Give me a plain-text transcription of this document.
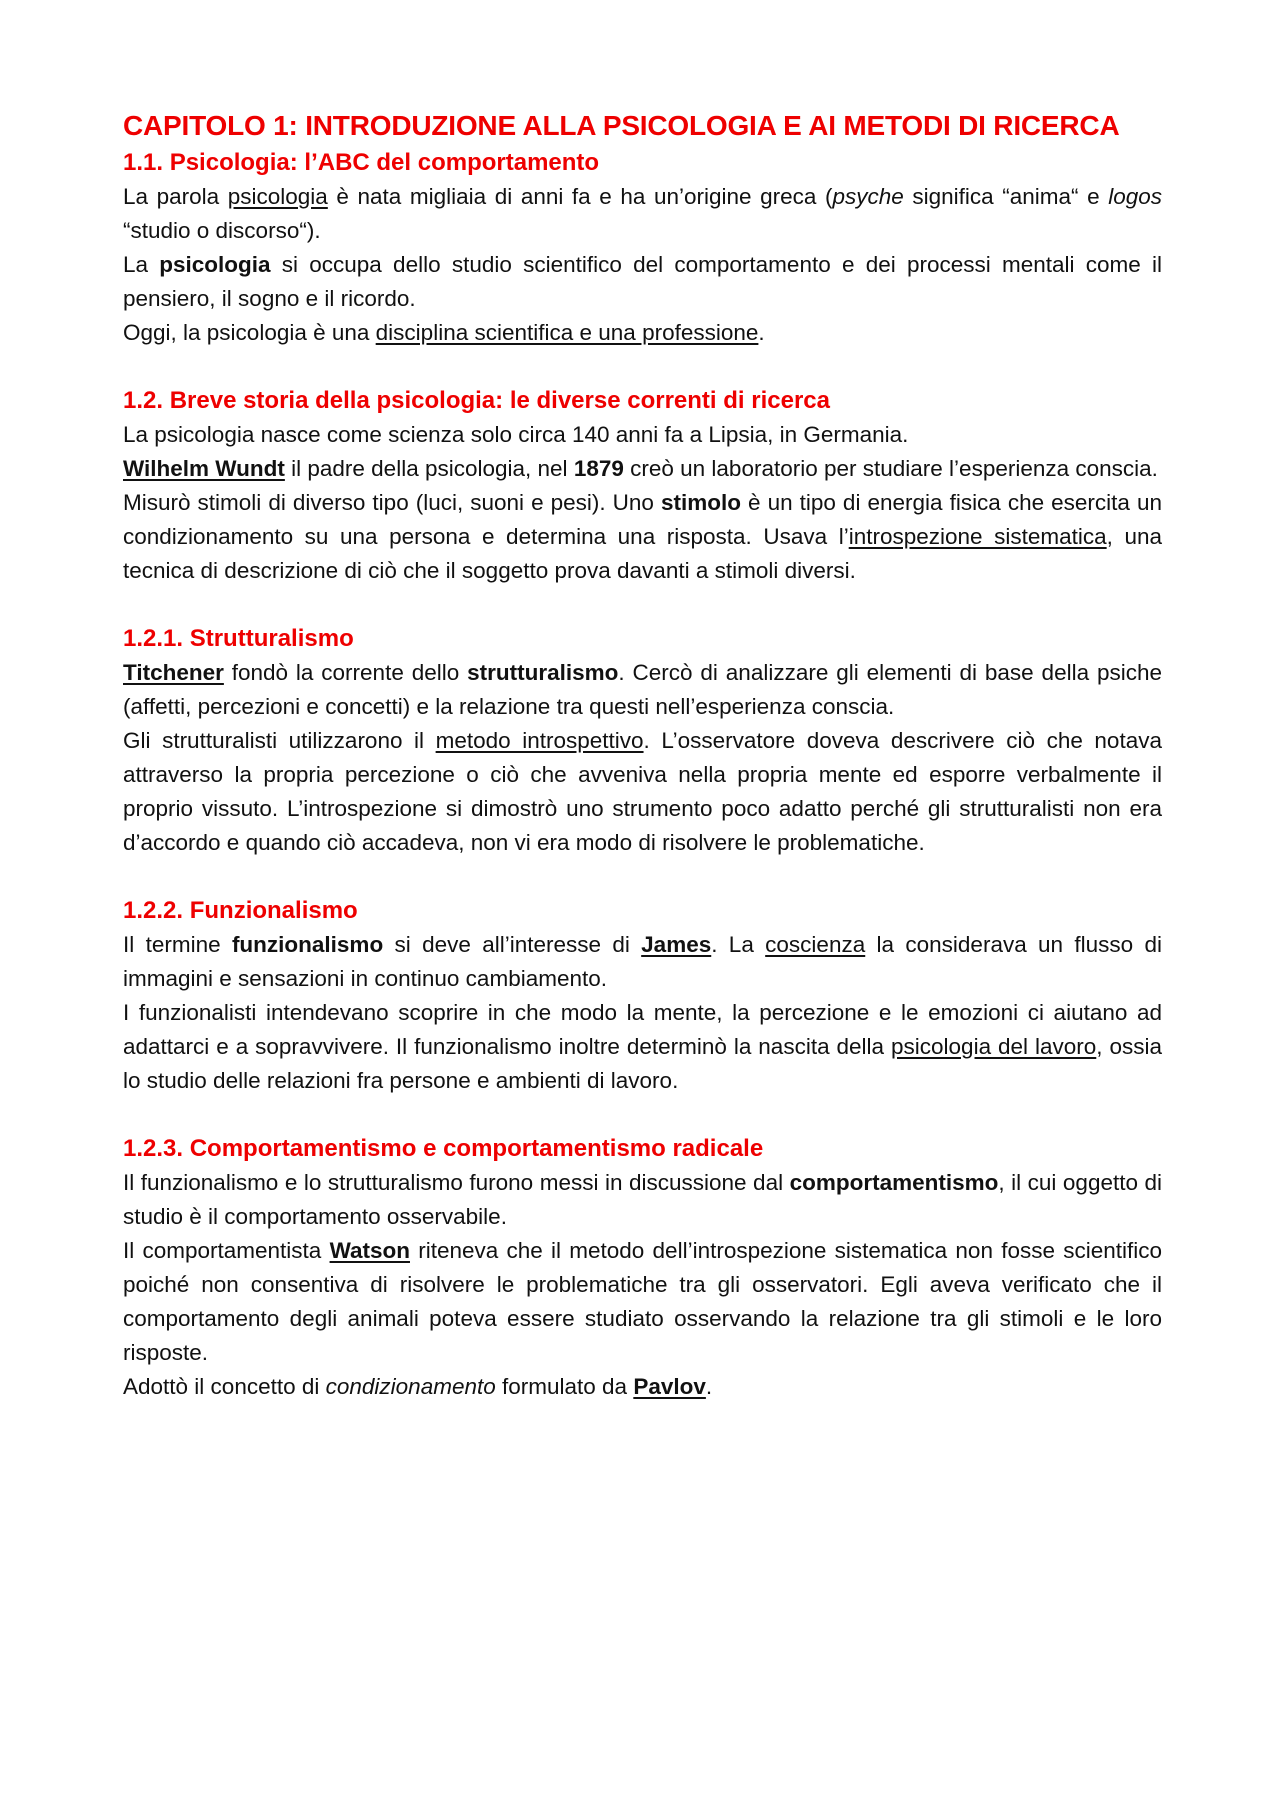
CAPITOLO 1: INTRODUZIONE ALLA PSICOLOGIA E AI METODI DI RICERCA
1.1. Psicologia: l’ABC del comportamento

La parola psicologia è nata migliaia di anni fa e ha un’origine greca (psyche significa “anima“ e logos “studio o discorso“).

La psicologia si occupa dello studio scientifico del comportamento e dei processi mentali come il pensiero, il sogno e il ricordo.

Oggi, la psicologia è una disciplina scientifica e una professione.

1.2. Breve storia della psicologia: le diverse correnti di ricerca

La psicologia nasce come scienza solo circa 140 anni fa a Lipsia, in Germania.

Wilhelm Wundt il padre della psicologia, nel 1879 creò un laboratorio per studiare l’esperienza conscia.

Misurò stimoli di diverso tipo (luci, suoni e pesi). Uno stimolo è un tipo di energia fisica che esercita un condizionamento su una persona e determina una risposta. Usava l’introspezione sistematica, una tecnica di descrizione di ciò che il soggetto prova davanti a stimoli diversi.

1.2.1. Strutturalismo

Titchener fondò la corrente dello strutturalismo. Cercò di analizzare gli elementi di base della psiche (affetti, percezioni e concetti) e la relazione tra questi nell’esperienza conscia.

Gli strutturalisti utilizzarono il metodo introspettivo. L’osservatore doveva descrivere ciò che notava attraverso la propria percezione o ciò che avveniva nella propria mente ed esporre verbalmente il proprio vissuto. L’introspezione si dimostrò uno strumento poco adatto perché gli strutturalisti non era d’accordo e quando ciò accadeva, non vi era modo di risolvere le problematiche.

1.2.2. Funzionalismo

Il termine funzionalismo si deve all’interesse di James. La coscienza la considerava un flusso di immagini e sensazioni in continuo cambiamento.

I funzionalisti intendevano scoprire in che modo la mente, la percezione e le emozioni ci aiutano ad adattarci e a sopravvivere. Il funzionalismo inoltre determinò la nascita della psicologia del lavoro, ossia lo studio delle relazioni fra persone e ambienti di lavoro.

1.2.3. Comportamentismo e comportamentismo radicale

Il funzionalismo e lo strutturalismo furono messi in discussione dal comportamentismo, il cui oggetto di studio è il comportamento osservabile.

Il comportamentista Watson riteneva che il metodo dell’introspezione sistematica non fosse scientifico poiché non consentiva di risolvere le problematiche tra gli osservatori. Egli aveva verificato che il comportamento degli animali poteva essere studiato osservando la relazione tra gli stimoli e le loro risposte.

Adottò il concetto di condizionamento formulato da Pavlov.
